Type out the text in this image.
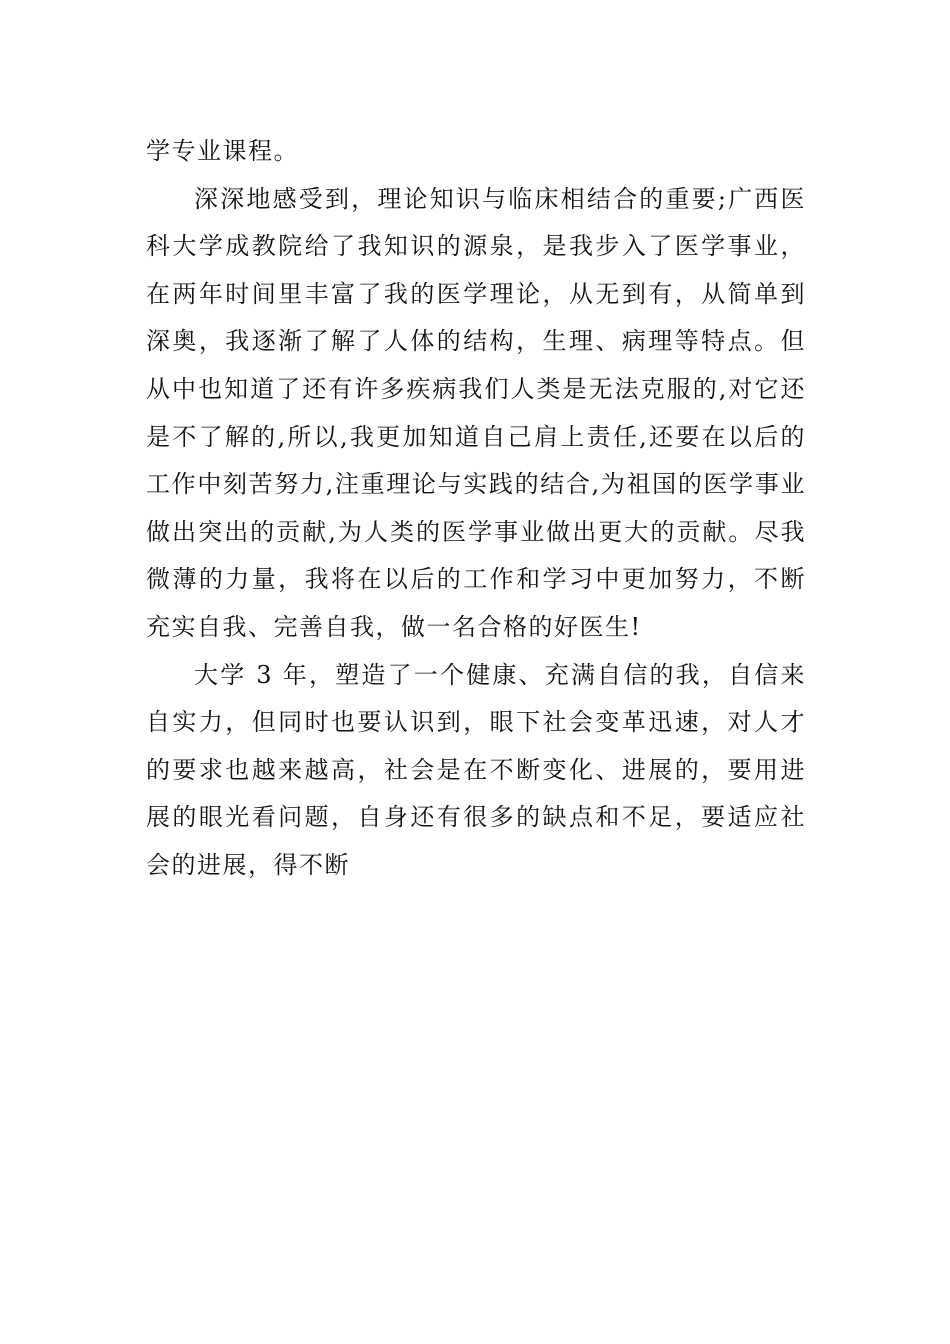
学专业课程。

深深地感受到，理论知识与临床相结合的重要;广西医科大学成教院给了我知识的源泉，是我步入了医学事业，在两年时间里丰富了我的医学理论，从无到有，从简单到深奥，我逐渐了解了人体的结构，生理、病理等特点。但从中也知道了还有许多疾病我们人类是无法克服的,对它还是不了解的,所以,我更加知道自己肩上责任,还要在以后的工作中刻苦努力,注重理论与实践的结合,为祖国的医学事业做出突出的贡献,为人类的医学事业做出更大的贡献。尽我微薄的力量，我将在以后的工作和学习中更加努力，不断充实自我、完善自我，做一名合格的好医生!

大学 3 年，塑造了一个健康、充满自信的我，自信来自实力，但同时也要认识到，眼下社会变革迅速，对人才的要求也越来越高，社会是在不断变化、进展的，要用进展的眼光看问题，自身还有很多的缺点和不足，要适应社会的进展，得不断
